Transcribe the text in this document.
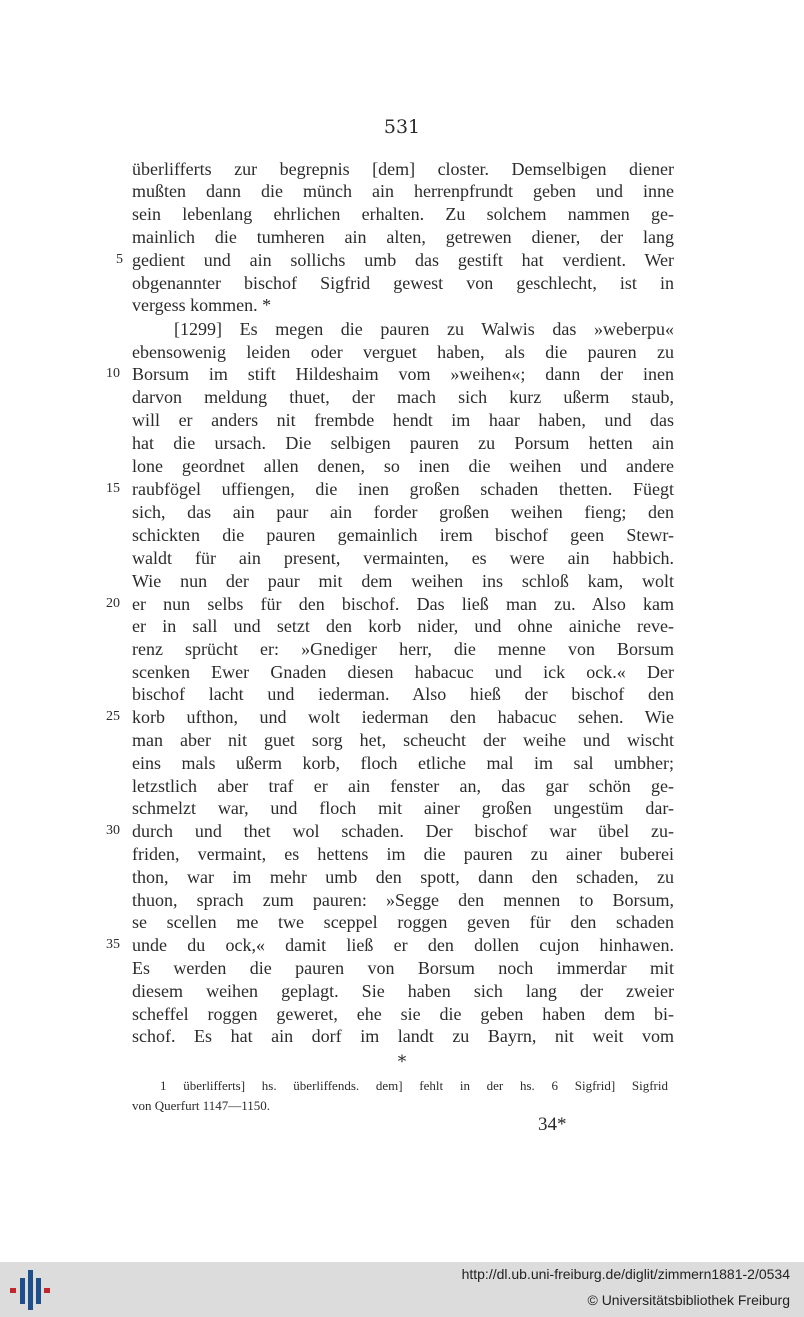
531
überlifferts zur begrepnis [dem] closter. Demselbigen diener
mußten dann die münch ain herrenpfrundt geben und inne
sein lebenlang ehrlichen erhalten. Zu solchem nammen ge-
mainlich die tumheren ain alten, getrewen diener, der lang
gedient und ain sollichs umb das gestift hat verdient. Wer
obgenannter bischof Sigfrid gewest von geschlecht, ist in
vergess kommen. *
[1299] Es megen die pauren zu Walwis das »weberpu«
ebensowenig leiden oder verguet haben, als die pauren zu
Borsum im stift Hildeshaim vom »weihen«; dann der inen
darvon meldung thuet, der mach sich kurz ußerm staub,
will er anders nit frembde hendt im haar haben, und das
hat die ursach. Die selbigen pauren zu Porsum hetten ain
lone geordnet allen denen, so inen die weihen und andere
raubfögel uffiengen, die inen großen schaden thetten. Füegt
sich, das ain paur ain forder großen weihen fieng; den
schickten die pauren gemainlich irem bischof geen Stewr-
waldt für ain present, vermainten, es were ain habbich.
Wie nun der paur mit dem weihen ins schloß kam, wolt
er nun selbs für den bischof. Das ließ man zu. Also kam
er in sall und setzt den korb nider, und ohne ainiche reve-
renz sprücht er: »Gnediger herr, die menne von Borsum
scenken Ewer Gnaden diesen habacuc und ick ock.« Der
bischof lacht und iederman. Also hieß der bischof den
korb ufthon, und wolt iederman den habacuc sehen. Wie
man aber nit guet sorg het, scheucht der weihe und wischt
eins mals ußerm korb, floch etliche mal im sal umbher;
letzstlich aber traf er ain fenster an, das gar schön ge-
schmelzt war, und floch mit ainer großen ungestüm dar-
durch und thet wol schaden. Der bischof war übel zu-
friden, vermaint, es hettens im die pauren zu ainer buberei
thon, war im mehr umb den spott, dann den schaden, zu
thuon, sprach zum pauren: »Segge den mennen to Borsum,
se scellen me twe sceppel roggen geven für den schaden
unde du ock,« damit ließ er den dollen cujon hinhawen.
Es werden die pauren von Borsum noch immerdar mit
diesem weihen geplagt. Sie haben sich lang der zweier
scheffel roggen geweret, ehe sie die geben haben dem bi-
schof. Es hat ain dorf im landt zu Bayrn, nit weit vom
5
10
15
20
25
30
35
*
1 überlifferts] hs. überliffends. dem] fehlt in der hs. 6 Sigfrid] Sigfrid
von Querfurt 1147—1150.
34*
http://dl.ub.uni-freiburg.de/diglit/zimmern1881-2/0534
© Universitätsbibliothek Freiburg
